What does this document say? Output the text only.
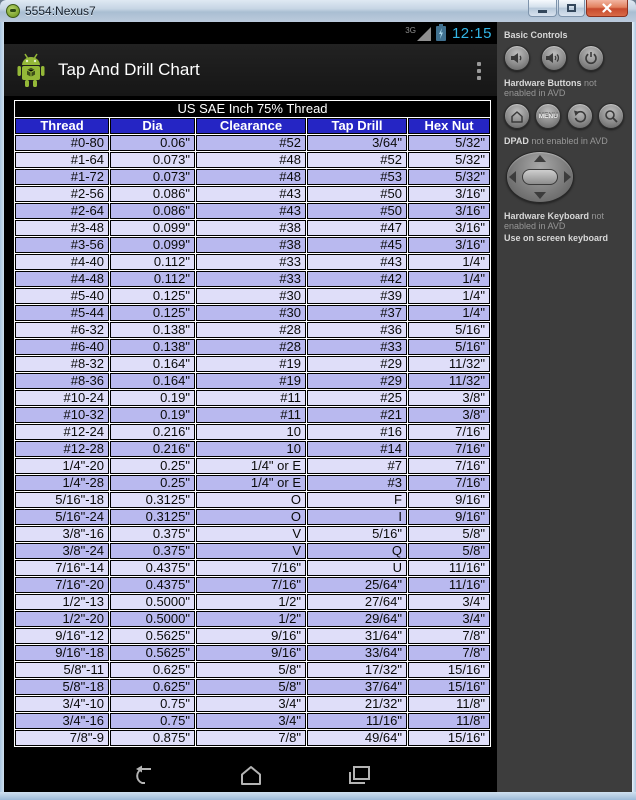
5554:Nexus7
3G 12:15
Tap And Drill Chart
US SAE Inch 75% Thread				
Thread	Dia	Clearance	Tap Drill	Hex Nut
#0-80	0.06"	#52	3/64"	5/32"
#1-64	0.073"	#48	#52	5/32"
#1-72	0.073"	#48	#53	5/32"
#2-56	0.086"	#43	#50	3/16"
#2-64	0.086"	#43	#50	3/16"
#3-48	0.099"	#38	#47	3/16"
#3-56	0.099"	#38	#45	3/16"
#4-40	0.112"	#33	#43	1/4"
#4-48	0.112"	#33	#42	1/4"
#5-40	0.125"	#30	#39	1/4"
#5-44	0.125"	#30	#37	1/4"
#6-32	0.138"	#28	#36	5/16"
#6-40	0.138"	#28	#33	5/16"
#8-32	0.164"	#19	#29	11/32"
#8-36	0.164"	#19	#29	11/32"
#10-24	0.19"	#11	#25	3/8"
#10-32	0.19"	#11	#21	3/8"
#12-24	0.216"	10	#16	7/16"
#12-28	0.216"	10	#14	7/16"
1/4"-20	0.25"	1/4" or E	#7	7/16"
1/4"-28	0.25"	1/4" or E	#3	7/16"
5/16"-18	0.3125"	O	F	9/16"
5/16"-24	0.3125"	O	I	9/16"
3/8"-16	0.375"	V	5/16"	5/8"
3/8"-24	0.375"	V	Q	5/8"
7/16"-14	0.4375"	7/16"	U	11/16"
7/16"-20	0.4375"	7/16"	25/64"	11/16"
1/2"-13	0.5000"	1/2"	27/64"	3/4"
1/2"-20	0.5000"	1/2"	29/64"	3/4"
9/16"-12	0.5625"	9/16"	31/64"	7/8"
9/16"-18	0.5625"	9/16"	33/64"	7/8"
5/8"-11	0.625"	5/8"	17/32"	15/16"
5/8"-18	0.625"	5/8"	37/64"	15/16"
3/4"-10	0.75"	3/4"	21/32"	11/8"
3/4"-16	0.75"	3/4"	11/16"	11/8"
7/8"-9	0.875"	7/8"	49/64"	15/16"
Basic Controls
Hardware Buttons not enabled in AVD
MENU
DPAD not enabled in AVD
Hardware Keyboard not enabled in AVD
Use on screen keyboard
